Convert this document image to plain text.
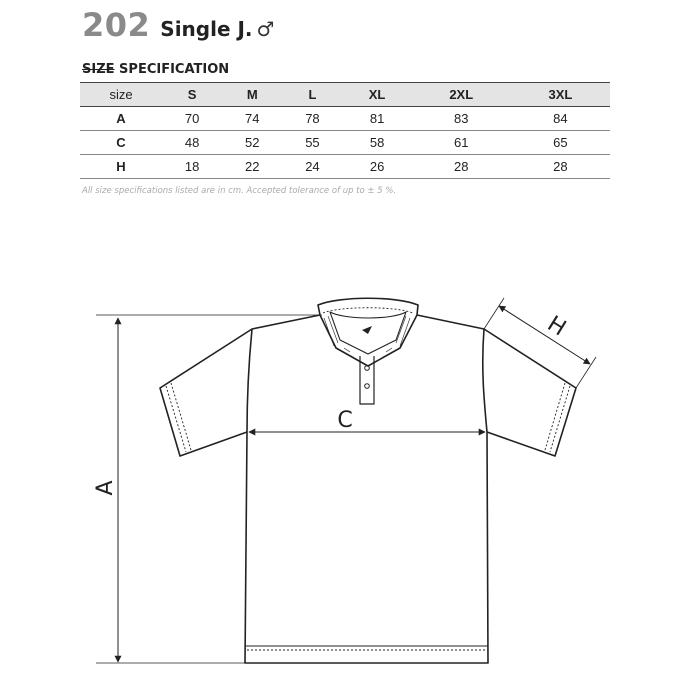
202 Single J. ♂
SIZE SPECIFICATION
size	S	M	L	XL	2XL	3XL
A	70	74	78	81	83	84
C	48	52	55	58	61	65
H	18	22	24	26	28	28
All size specifications listed are in cm. Accepted tolerance of up to ± 5 %.
A
C
H
